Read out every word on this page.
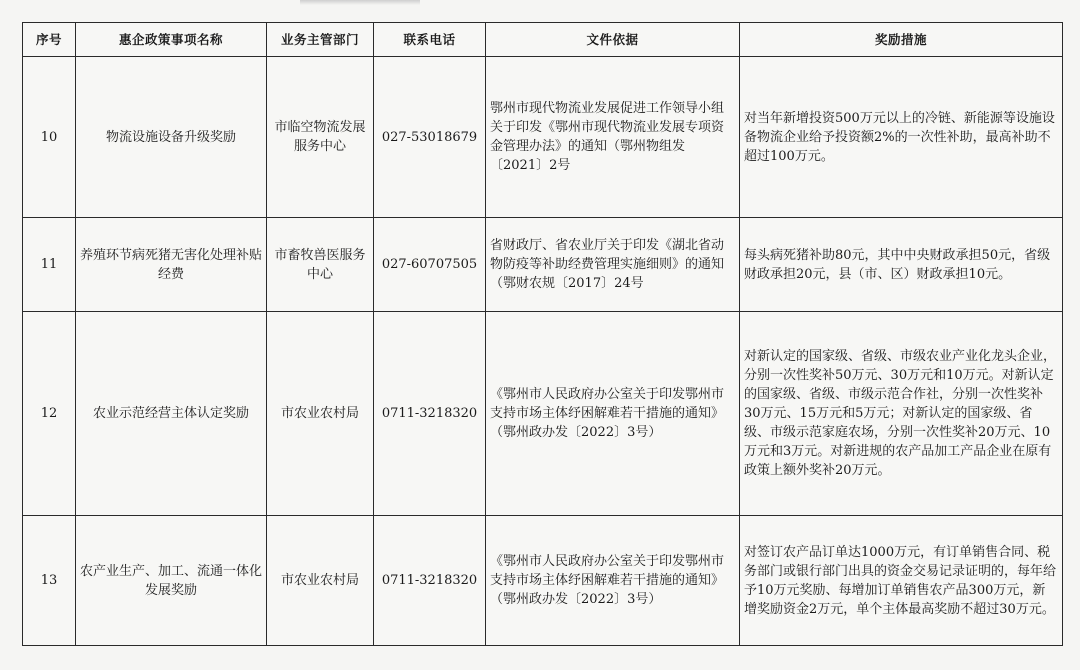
序号	惠企政策事项名称	业务主管部门	联系电话	文件依据	奖励措施
10	物流设施设备升级奖励	市临空物流发展服务中心	027-53018679	鄂州市现代物流业发展促进工作领导小组关于印发《鄂州市现代物流业发展专项资金管理办法》的通知（鄂州物组发〔2021〕2号	对当年新增投资500万元以上的冷链、新能源等设施设备物流企业给予投资额2%的一次性补助，最高补助不超过100万元。
11	养殖环节病死猪无害化处理补贴经费	市畜牧兽医服务中心	027-60707505	省财政厅、省农业厅关于印发《湖北省动物防疫等补助经费管理实施细则》的通知（鄂财农规〔2017〕24号	每头病死猪补助80元，其中中央财政承担50元，省级财政承担20元，县（市、区）财政承担10元。
12	农业示范经营主体认定奖励	市农业农村局	0711-3218320	《鄂州市人民政府办公室关于印发鄂州市支持市场主体纾困解难若干措施的通知》（鄂州政办发〔2022〕3号）	对新认定的国家级、省级、市级农业产业化龙头企业，分别一次性奖补50万元、30万元和10万元。对新认定的国家级、省级、市级示范合作社，分别一次性奖补30万元、15万元和5万元；对新认定的国家级、省级、市级示范家庭农场，分别一次性奖补20万元、10万元和3万元。对新进规的农产品加工产品企业在原有政策上额外奖补20万元。
13	农产业生产、加工、流通一体化发展奖励	市农业农村局	0711-3218320	《鄂州市人民政府办公室关于印发鄂州市支持市场主体纾困解难若干措施的通知》（鄂州政办发〔2022〕3号）	对签订农产品订单达1000万元，有订单销售合同、税务部门或银行部门出具的资金交易记录证明的，每年给予10万元奖励、每增加订单销售农产品300万元，新增奖励资金2万元，单个主体最高奖励不超过30万元。
